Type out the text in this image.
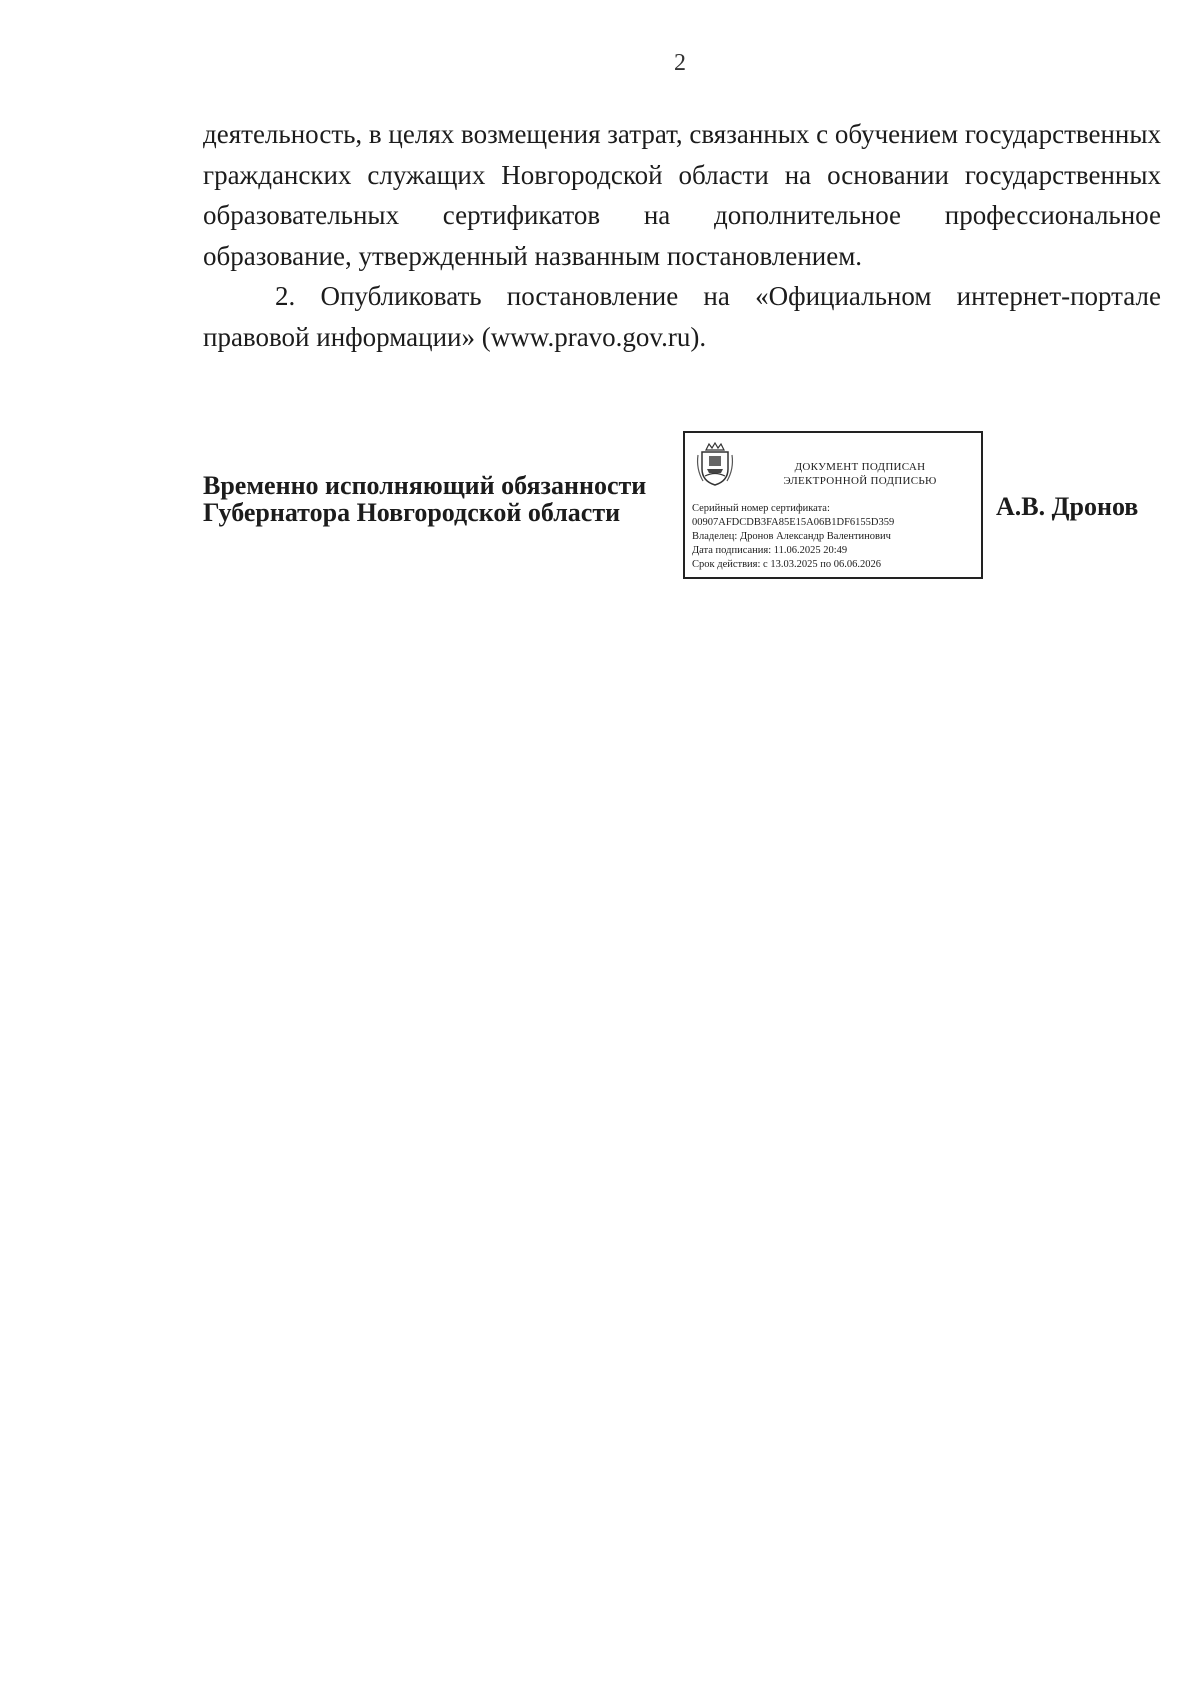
2

деятельность, в целях возмещения затрат, связанных с обучением государственных гражданских служащих Новгородской области на основании государственных образовательных сертификатов на дополнительное профессиональное образование, утвержденный названным постановлением.

2. Опубликовать постановление на «Официальном интернет-портале правовой информации» (www.pravo.gov.ru).

Временно исполняющий обязанности
Губернатора Новгородской области
ДОКУМЕНТ ПОДПИСАН
ЭЛЕКТРОННОЙ ПОДПИСЬЮ
Серийный номер сертификата:
00907AFDCDB3FA85E15A06B1DF6155D359
Владелец: Дронов Александр Валентинович
Дата подписания: 11.06.2025 20:49
Срок действия: с 13.03.2025 по 06.06.2026
А.В. Дронов
